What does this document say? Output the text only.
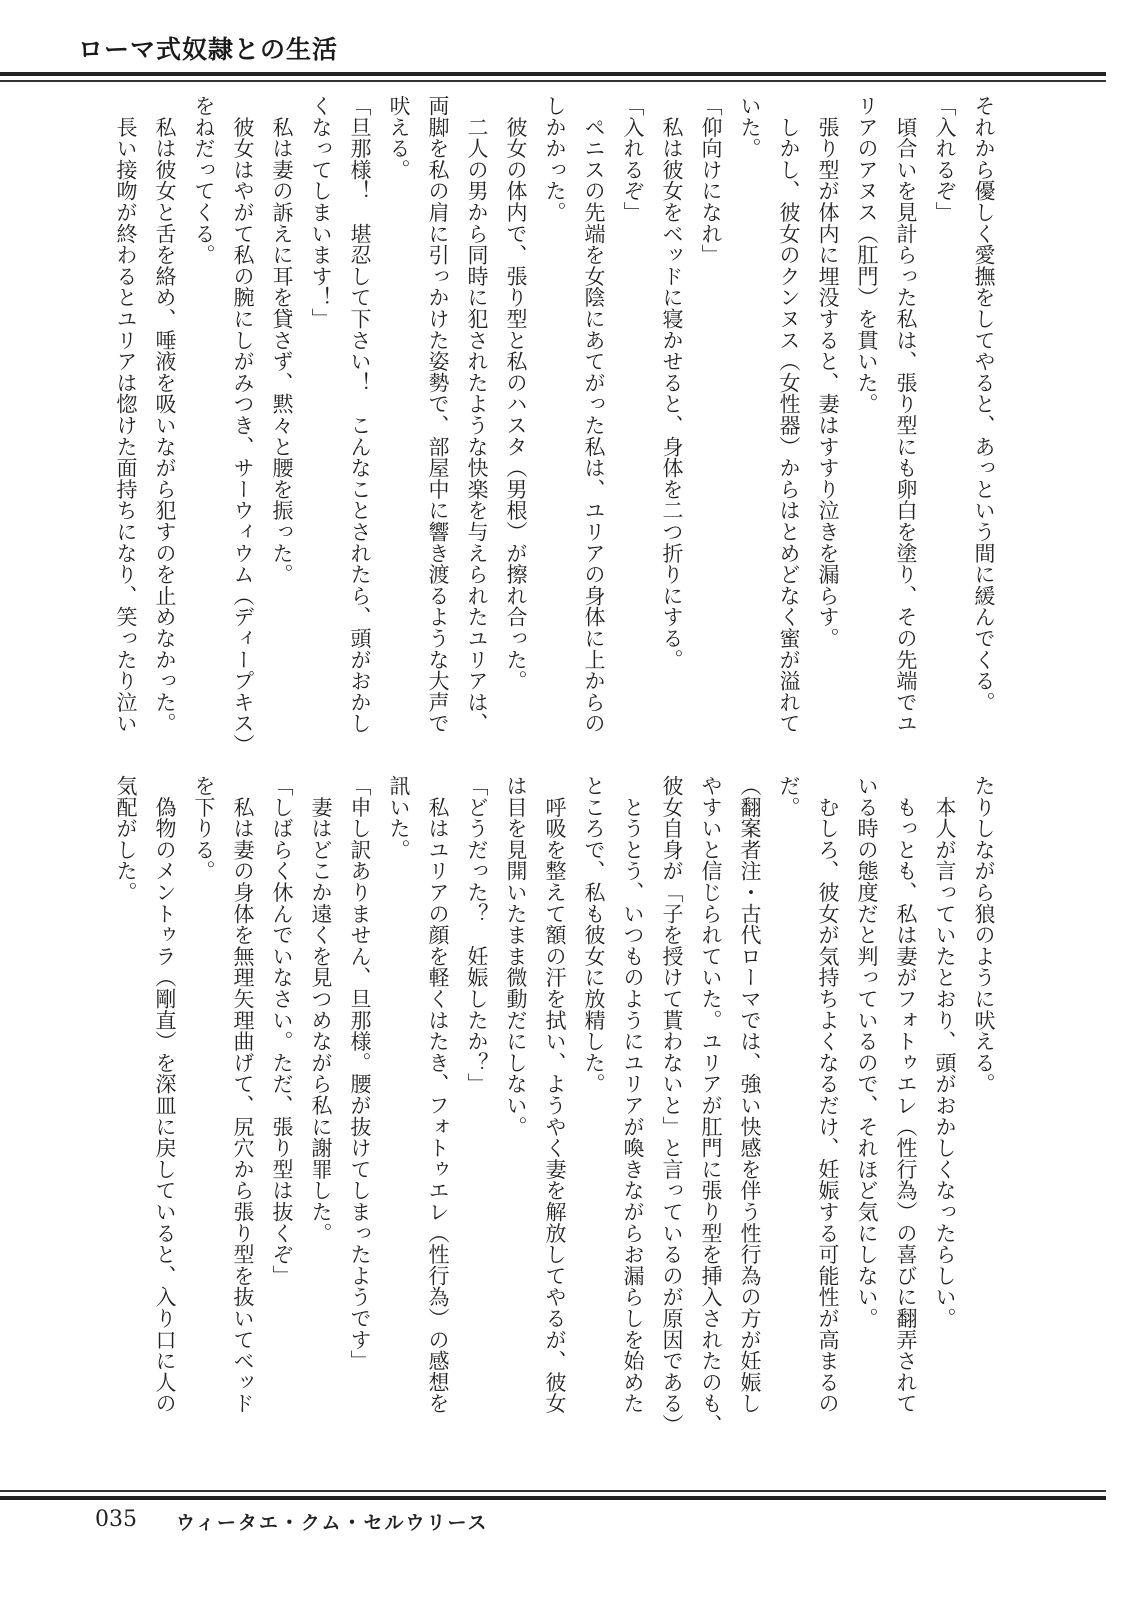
ローマ式奴隷との生活
それから優しく愛撫をしてやると、あっという間に緩んでくる。
「入れるぞ」
　頃合いを見計らった私は、張り型にも卵白を塗り、その先端でユ
リアのアヌス（肛門）を貫いた。
　張り型が体内に埋没すると、妻はすすり泣きを漏らす。
　しかし、彼女のクンヌス（女性器）からはとめどなく蜜が溢れて
いた。
「仰向けになれ」
　私は彼女をベッドに寝かせると、身体を二つ折りにする。
「入れるぞ」
　ペニスの先端を女陰にあてがった私は、ユリアの身体に上からの
しかかった。
　彼女の体内で、張り型と私のハスタ（男根）が擦れ合った。
　二人の男から同時に犯されたような快楽を与えられたユリアは、
両脚を私の肩に引っかけた姿勢で、部屋中に響き渡るような大声で
吠える。
「旦那様！　堪忍して下さい！　こんなことされたら、頭がおかし
くなってしまいます！」
　私は妻の訴えに耳を貸さず、黙々と腰を振った。
　彼女はやがて私の腕にしがみつき、サーウィウム（ディープキス）
をねだってくる。
　私は彼女と舌を絡め、唾液を吸いながら犯すのを止めなかった。
　長い接吻が終わるとユリアは惚けた面持ちになり、笑ったり泣い
たりしながら狼のように吠える。
　本人が言っていたとおり、頭がおかしくなったらしい。
　もっとも、私は妻がフォトゥエレ（性行為）の喜びに翻弄されて
いる時の態度だと判っているので、それほど気にしない。
　むしろ、彼女が気持ちよくなるだけ、妊娠する可能性が高まるの
だ。
（翻案者注・古代ローマでは、強い快感を伴う性行為の方が妊娠し
やすいと信じられていた。ユリアが肛門に張り型を挿入されたのも、
彼女自身が「子を授けて貰わないと」と言っているのが原因である）
　とうとう、いつものようにユリアが喚きながらお漏らしを始めた
ところで、私も彼女に放精した。
　呼吸を整えて額の汗を拭い、ようやく妻を解放してやるが、彼女
は目を見開いたまま微動だにしない。
「どうだった？　妊娠したか？」
　私はユリアの顔を軽くはたき、フォトゥエレ（性行為）の感想を
訊いた。
「申し訳ありません、旦那様。腰が抜けてしまったようです」
　妻はどこか遠くを見つめながら私に謝罪した。
「しばらく休んでいなさい。ただ、張り型は抜くぞ」
　私は妻の身体を無理矢理曲げて、尻穴から張り型を抜いてベッド
を下りる。
　偽物のメントゥラ（剛直）を深皿に戻していると、入り口に人の
気配がした。
035 ウィータエ・クム・セルウリース
